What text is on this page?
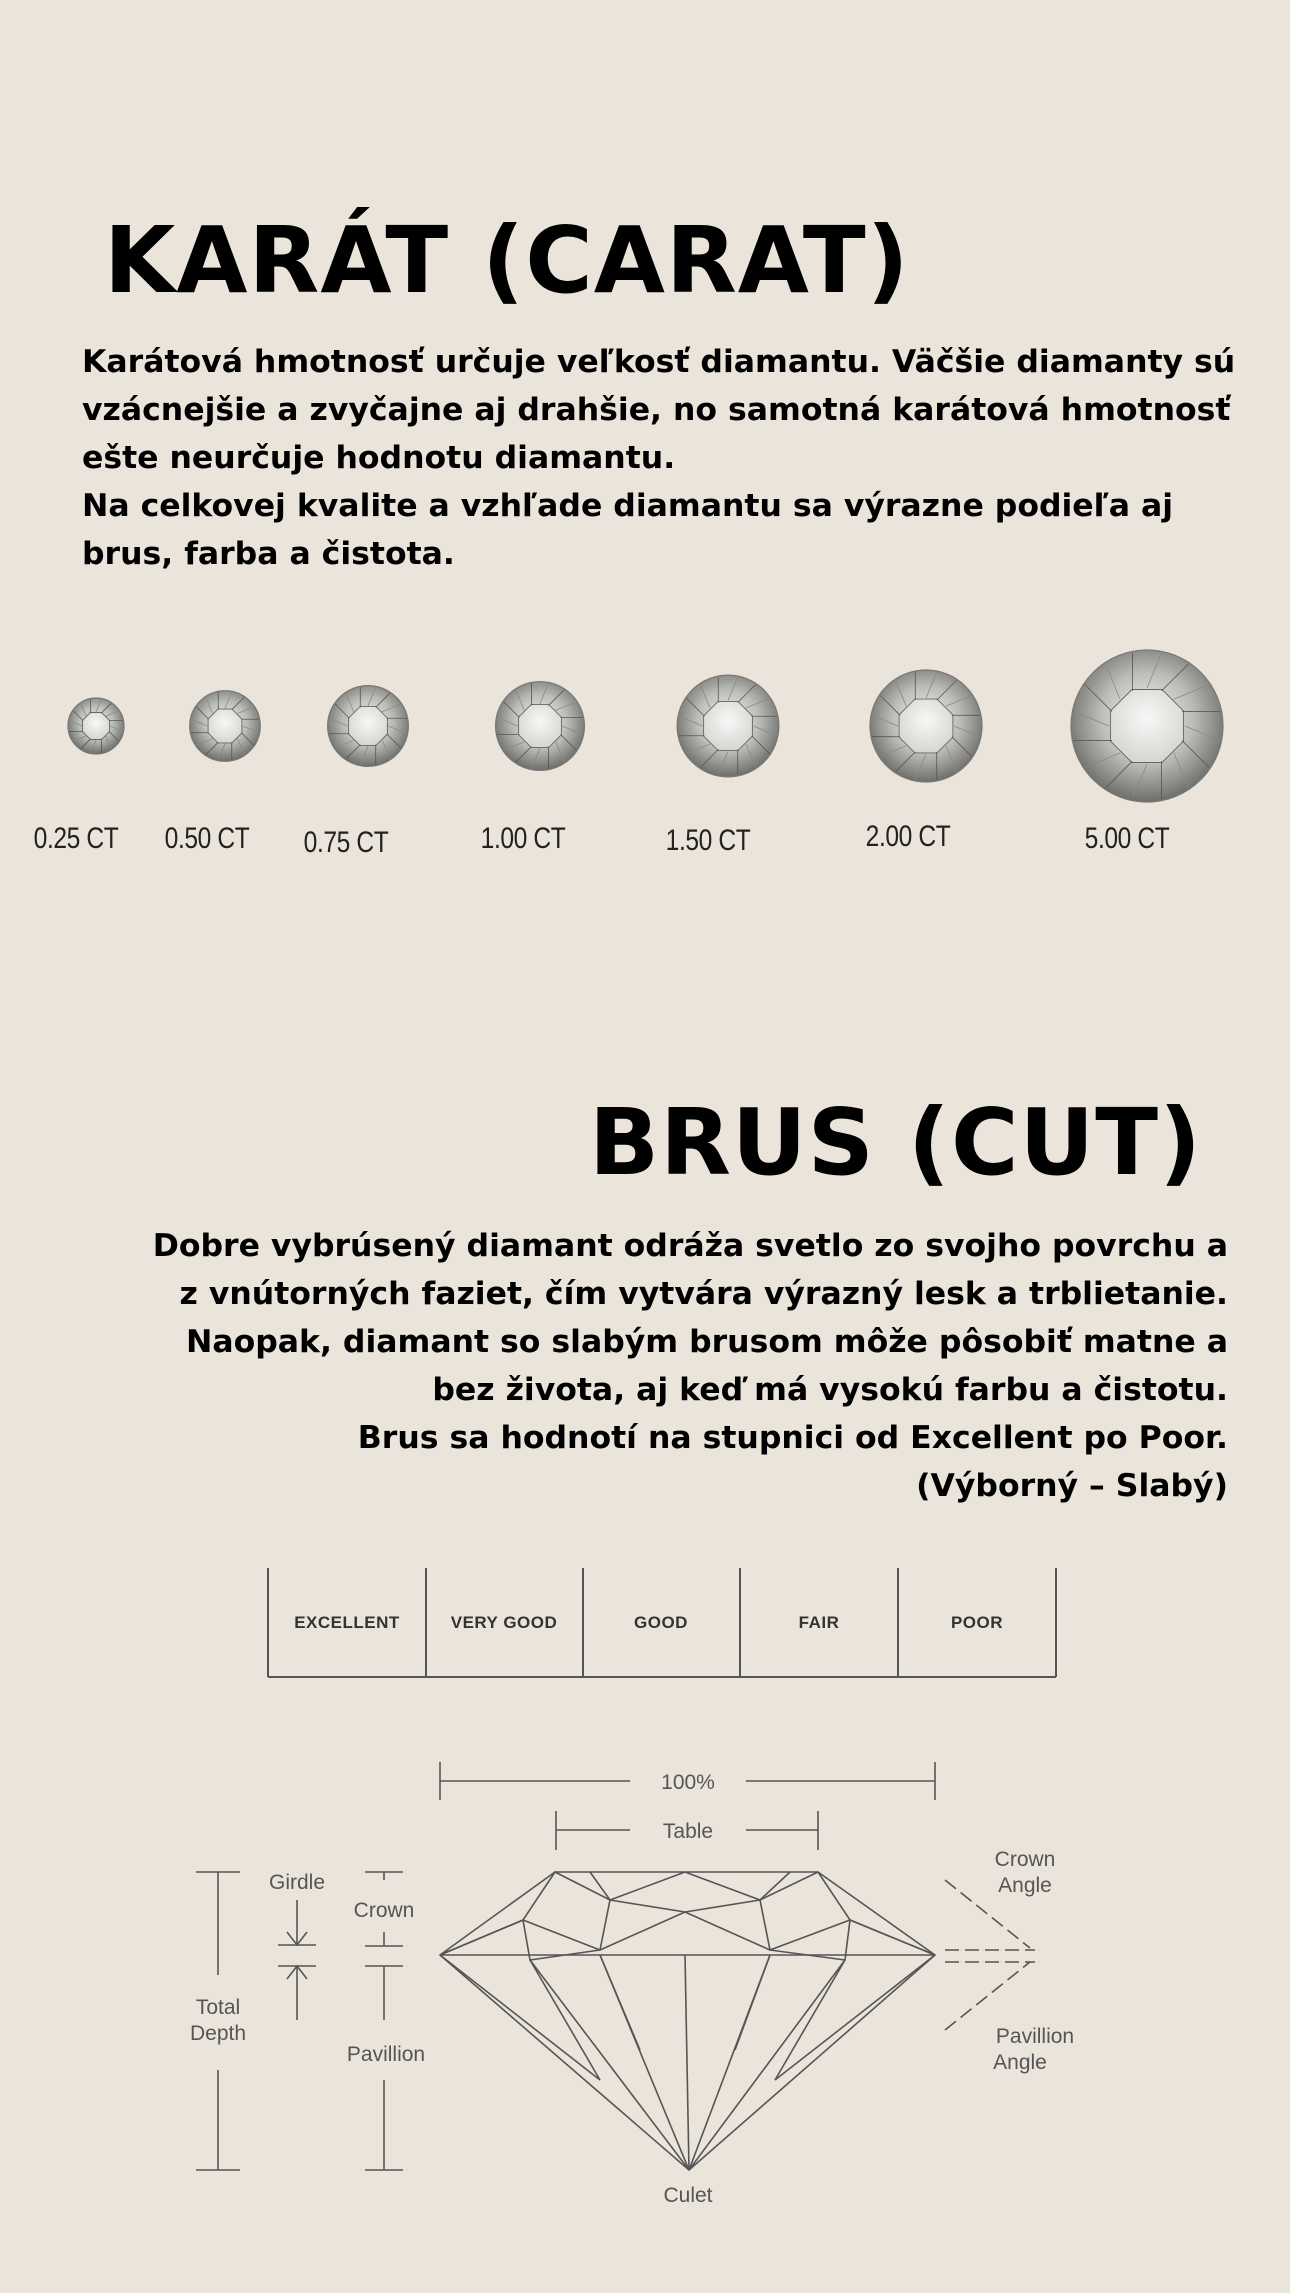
KARÁT (CARAT)
Karátová hmotnosť určuje veľkosť diamantu. Väčšie diamanty sú
vzácnejšie a zvyčajne aj drahšie, no samotná karátová hmotnosť
ešte neurčuje hodnotu diamantu.
Na celkovej kvalite a vzhľade diamantu sa výrazne podieľa aj
brus, farba a čistota.
0.25 CT 0.50 CT 0.75 CT	1.00 CT	1.50 CT	2.00 CT	5.00 CT
BRUS (CUT)
Dobre vybrúsený diamant odráža svetlo zo svojho povrchu a
z vnútorných faziet, čím vytvára výrazný lesk a trblietanie.
Naopak, diamant so slabým brusom môže pôsobiť matne a
bez života, aj keď má vysokú farbu a čistotu.
Brus sa hodnotí na stupnici od Excellent po Poor.
(Výborný – Slabý)
EXCELLENT	VERY GOOD	GOOD	FAIR	POOR
100%
Table
Crown
Angle
Girdle
Crown
Total
Depth
Pavillion
Pavillion
Angle
Culet
